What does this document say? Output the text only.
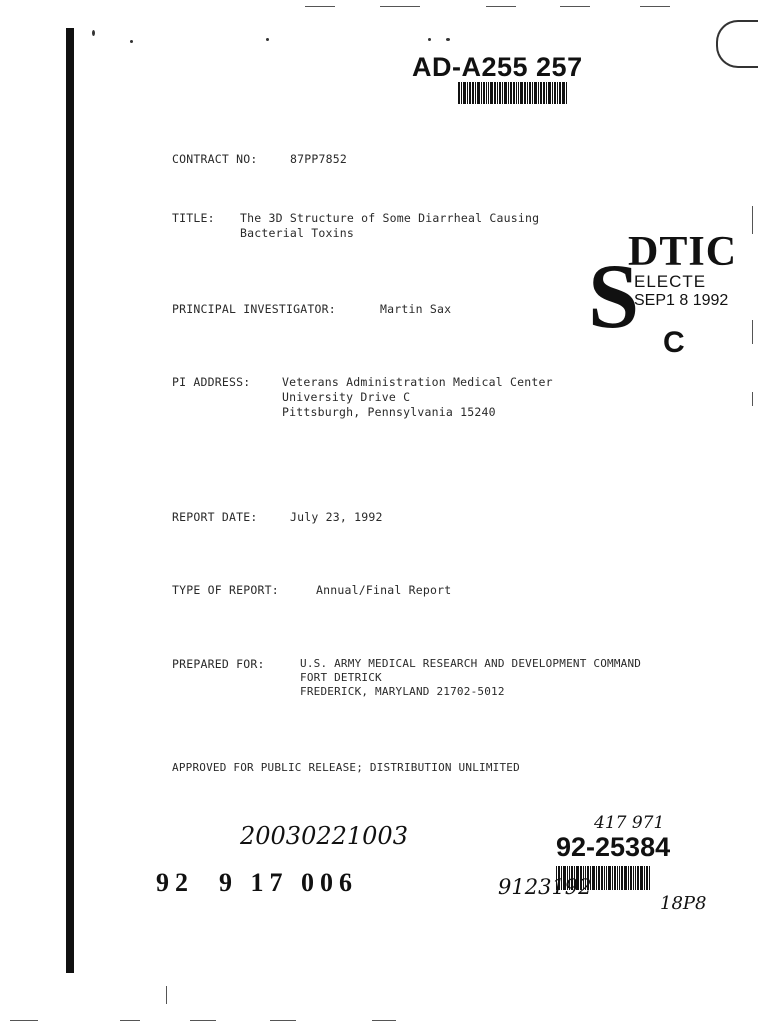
AD-A255 257
CONTRACT NO:	87PP7852
TITLE: The 3D Structure of Some Diarrheal Causing
Bacterial Toxins
PRINCIPAL INVESTIGATOR:	Martin Sax
PI ADDRESS:	Veterans Administration Medical Center
University Drive C
Pittsburgh, Pennsylvania 15240
REPORT DATE:	July 23, 1992
TYPE OF REPORT:	Annual/Final Report
PREPARED FOR:	U.S. ARMY MEDICAL RESEARCH AND DEVELOPMENT COMMAND
FORT DETRICK
FREDERICK, MARYLAND 21702-5012
APPROVED FOR PUBLIC RELEASE; DISTRIBUTION UNLIMITED
DTIC
S
ELECTE
SEP1 8 1992
C
20030221003
92  9 17 006
417 971
92-25384
9123192
18P8
